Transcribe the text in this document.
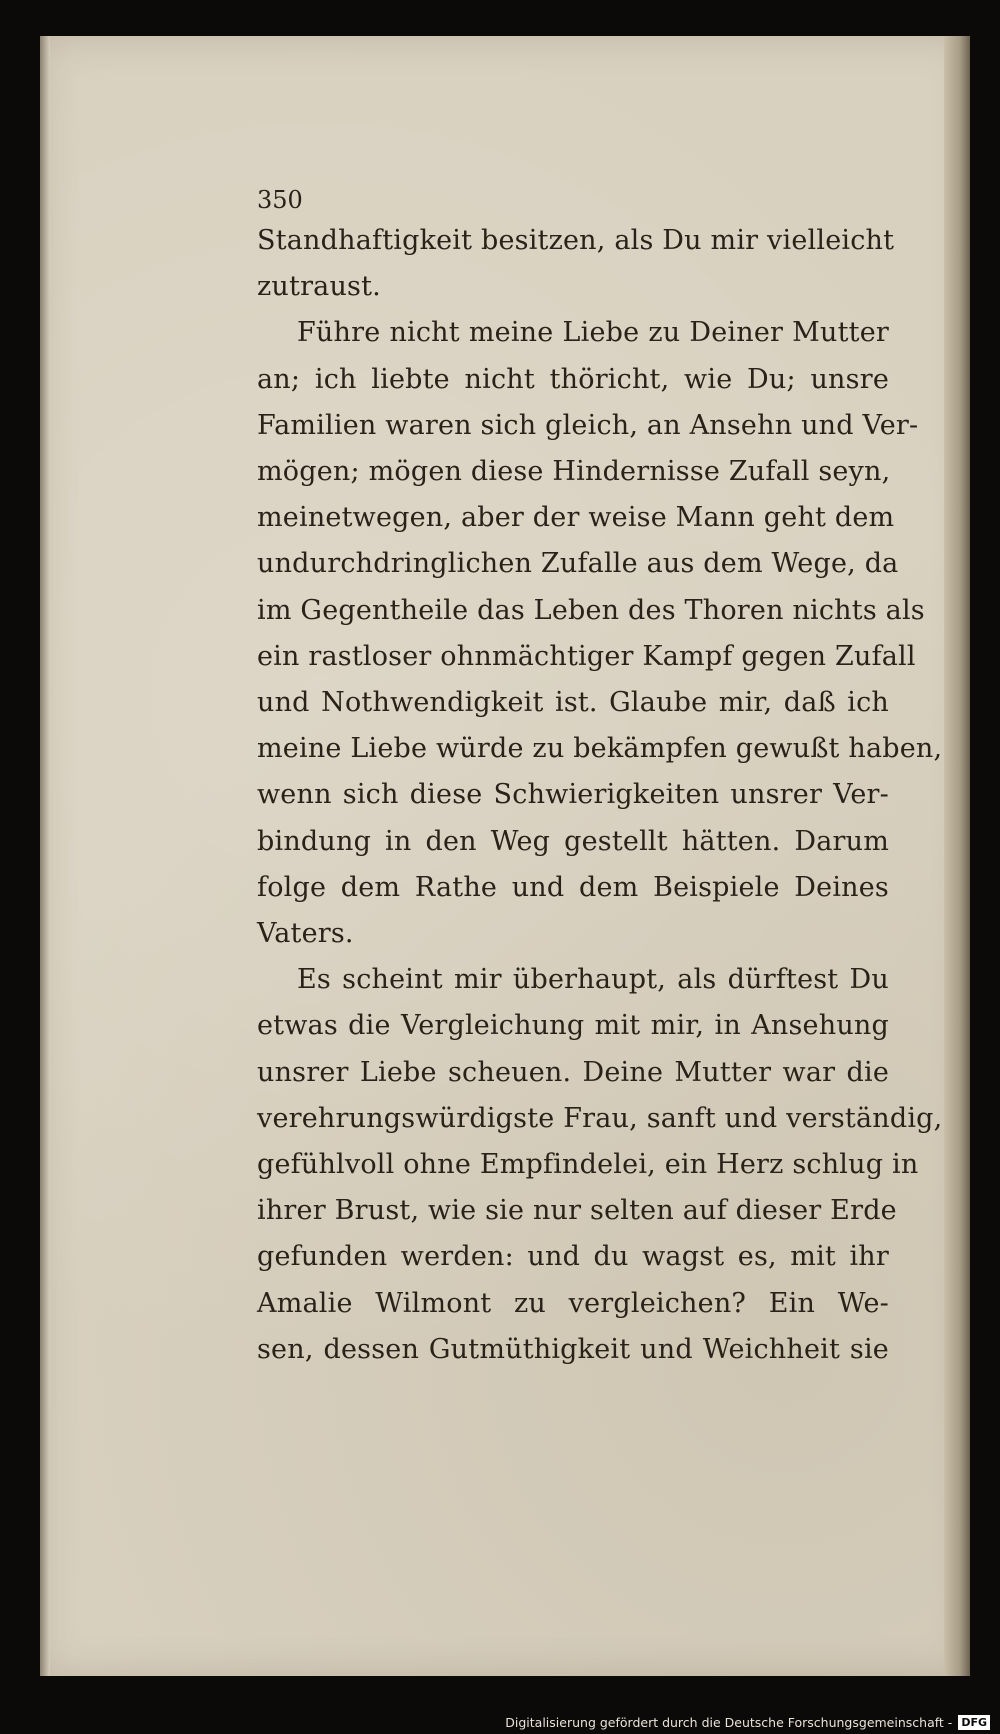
350
Standhaftigkeit besitzen, als Du mir vielleicht
zutraust.
Führe nicht meine Liebe zu Deiner Mutter
an; ich liebte nicht thöricht, wie Du; unsre
Familien waren sich gleich, an Ansehn und Ver-
mögen; mögen diese Hindernisse Zufall seyn,
meinetwegen, aber der weise Mann geht dem
undurchdringlichen Zufalle aus dem Wege, da
im Gegentheile das Leben des Thoren nichts als
ein rastloser ohnmächtiger Kampf gegen Zufall
und Nothwendigkeit ist. Glaube mir, daß ich
meine Liebe würde zu bekämpfen gewußt haben,
wenn sich diese Schwierigkeiten unsrer Ver-
bindung in den Weg gestellt hätten. Darum
folge dem Rathe und dem Beispiele Deines
Vaters.
Es scheint mir überhaupt, als dürftest Du
etwas die Vergleichung mit mir, in Ansehung
unsrer Liebe scheuen. Deine Mutter war die
verehrungswürdigste Frau, sanft und verständig,
gefühlvoll ohne Empfindelei, ein Herz schlug in
ihrer Brust, wie sie nur selten auf dieser Erde
gefunden werden: und du wagst es, mit ihr
Amalie Wilmont zu vergleichen? Ein We-
sen, dessen Gutmüthigkeit und Weichheit sie
Digitalisierung gefördert durch die Deutsche Forschungsgemeinschaft - DFG
